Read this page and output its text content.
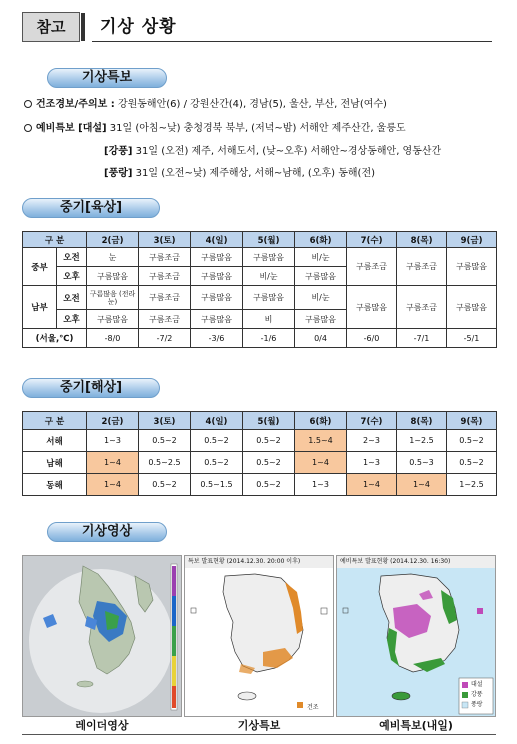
참고	기상 상황
기상특보
건조경보/주의보 : 강원동해안(6) / 강원산간(4), 경남(5), 울산, 부산, 전남(여수)
예비특보 [대설] 31일 (아침~낮) 충청경북 북부, (저녁~밤) 서해안 제주산간, 울릉도
[강풍] 31일 (오전) 제주, 서해도서, (낮~오후) 서해안~경상동해안, 영동산간
[풍랑] 31일 (오전~낮) 제주해상, 서해~남해, (오후) 동해(전)
중기[육상]
구 분		2(금)	3(토)	4(일)	5(월)	6(화)	7(수)	8(목)	9(금)
중부	오전	눈	구름조금	구름많음	구름많음	비/눈	구름조금	구름조금	구름많음
	오후	구름많음	구름조금	구름많음	비/눈	구름많음			
남부	오전	구름많음 (전라 눈)	구름조금	구름많음	구름많음	비/눈	구름많음	구름조금	구름많음
	오후	구름많음	구름조금	구름많음	비	구름많음			
(서울,℃)		-8/0	-7/2	-3/6	-1/6	0/4	-6/0	-7/1	-5/1
중기[해상]
구 분	2(금)	3(토)	4(일)	5(월)	6(화)	7(수)	8(목)	9(목)
서해	1~3	0.5~2	0.5~2	0.5~2	1.5~4	2~3	1~2.5	0.5~2
남해	1~4	0.5~2.5	0.5~2	0.5~2	1~4	1~3	0.5~3	0.5~2
동해	1~4	0.5~2	0.5~1.5	0.5~2	1~3	1~4	1~4	1~2.5
기상영상
특보 발표현황 (2014.12.30. 20:00 이후)
건조
예비특보 발표현황 (2014.12.30. 16:30)
대설
강풍
풍랑
레이더영상	기상특보	예비특보(내일)
